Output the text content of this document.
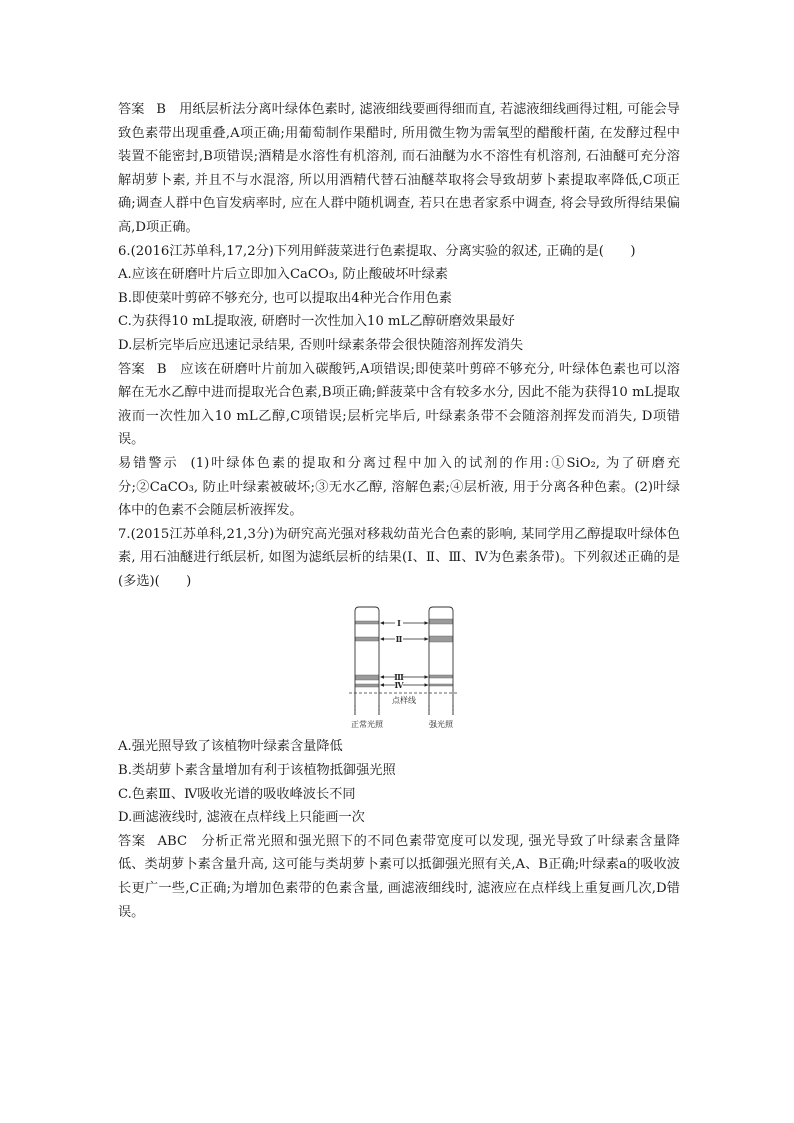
答案 B　用纸层析法分离叶绿体色素时, 滤液细线要画得细而直, 若滤液细线画得过粗, 可能会导致色素带出现重叠,A项正确;用葡萄制作果醋时, 所用微生物为需氧型的醋酸杆菌, 在发酵过程中装置不能密封,B项错误;酒精是水溶性有机溶剂, 而石油醚为水不溶性有机溶剂, 石油醚可充分溶解胡萝卜素, 并且不与水混溶, 所以用酒精代替石油醚萃取将会导致胡萝卜素提取率降低,C项正确;调查人群中色盲发病率时, 应在人群中随机调查, 若只在患者家系中调查, 将会导致所得结果偏高,D项正确。

6.(2016江苏单科,17,2分)下列用鲜菠菜进行色素提取、分离实验的叙述, 正确的是(　　)

A.应该在研磨叶片后立即加入CaCO₃, 防止酸破坏叶绿素

B.即使菜叶剪碎不够充分, 也可以提取出4种光合作用色素

C.为获得10 mL提取液, 研磨时一次性加入10 mL乙醇研磨效果最好

D.层析完毕后应迅速记录结果, 否则叶绿素条带会很快随溶剂挥发消失

答案 B　应该在研磨叶片前加入碳酸钙,A项错误;即使菜叶剪碎不够充分, 叶绿体色素也可以溶解在无水乙醇中进而提取光合色素,B项正确;鲜菠菜中含有较多水分, 因此不能为获得10 mL提取液而一次性加入10 mL乙醇,C项错误;层析完毕后, 叶绿素条带不会随溶剂挥发而消失, D项错误。

易错警示 (1)叶绿体色素的提取和分离过程中加入的试剂的作用:①SiO₂, 为了研磨充分;②CaCO₃, 防止叶绿素被破坏;③无水乙醇, 溶解色素;④层析液, 用于分离各种色素。(2)叶绿体中的色素不会随层析液挥发。

7.(2015江苏单科,21,3分)为研究高光强对移栽幼苗光合色素的影响, 某同学用乙醇提取叶绿体色素, 用石油醚进行纸层析, 如图为滤纸层析的结果(Ⅰ、Ⅱ、Ⅲ、Ⅳ为色素条带)。下列叙述正确的是(多选)(　　)

Ⅰ
Ⅱ
Ⅲ
Ⅳ
点样线
正常光照	强光照

A.强光照导致了该植物叶绿素含量降低

B.类胡萝卜素含量增加有利于该植物抵御强光照

C.色素Ⅲ、Ⅳ吸收光谱的吸收峰波长不同

D.画滤液线时, 滤液在点样线上只能画一次

答案 ABC　分析正常光照和强光照下的不同色素带宽度可以发现, 强光导致了叶绿素含量降低、类胡萝卜素含量升高, 这可能与类胡萝卜素可以抵御强光照有关,A、B正确;叶绿素a的吸收波长更广一些,C正确;为增加色素带的色素含量, 画滤液细线时, 滤液应在点样线上重复画几次,D错误。
